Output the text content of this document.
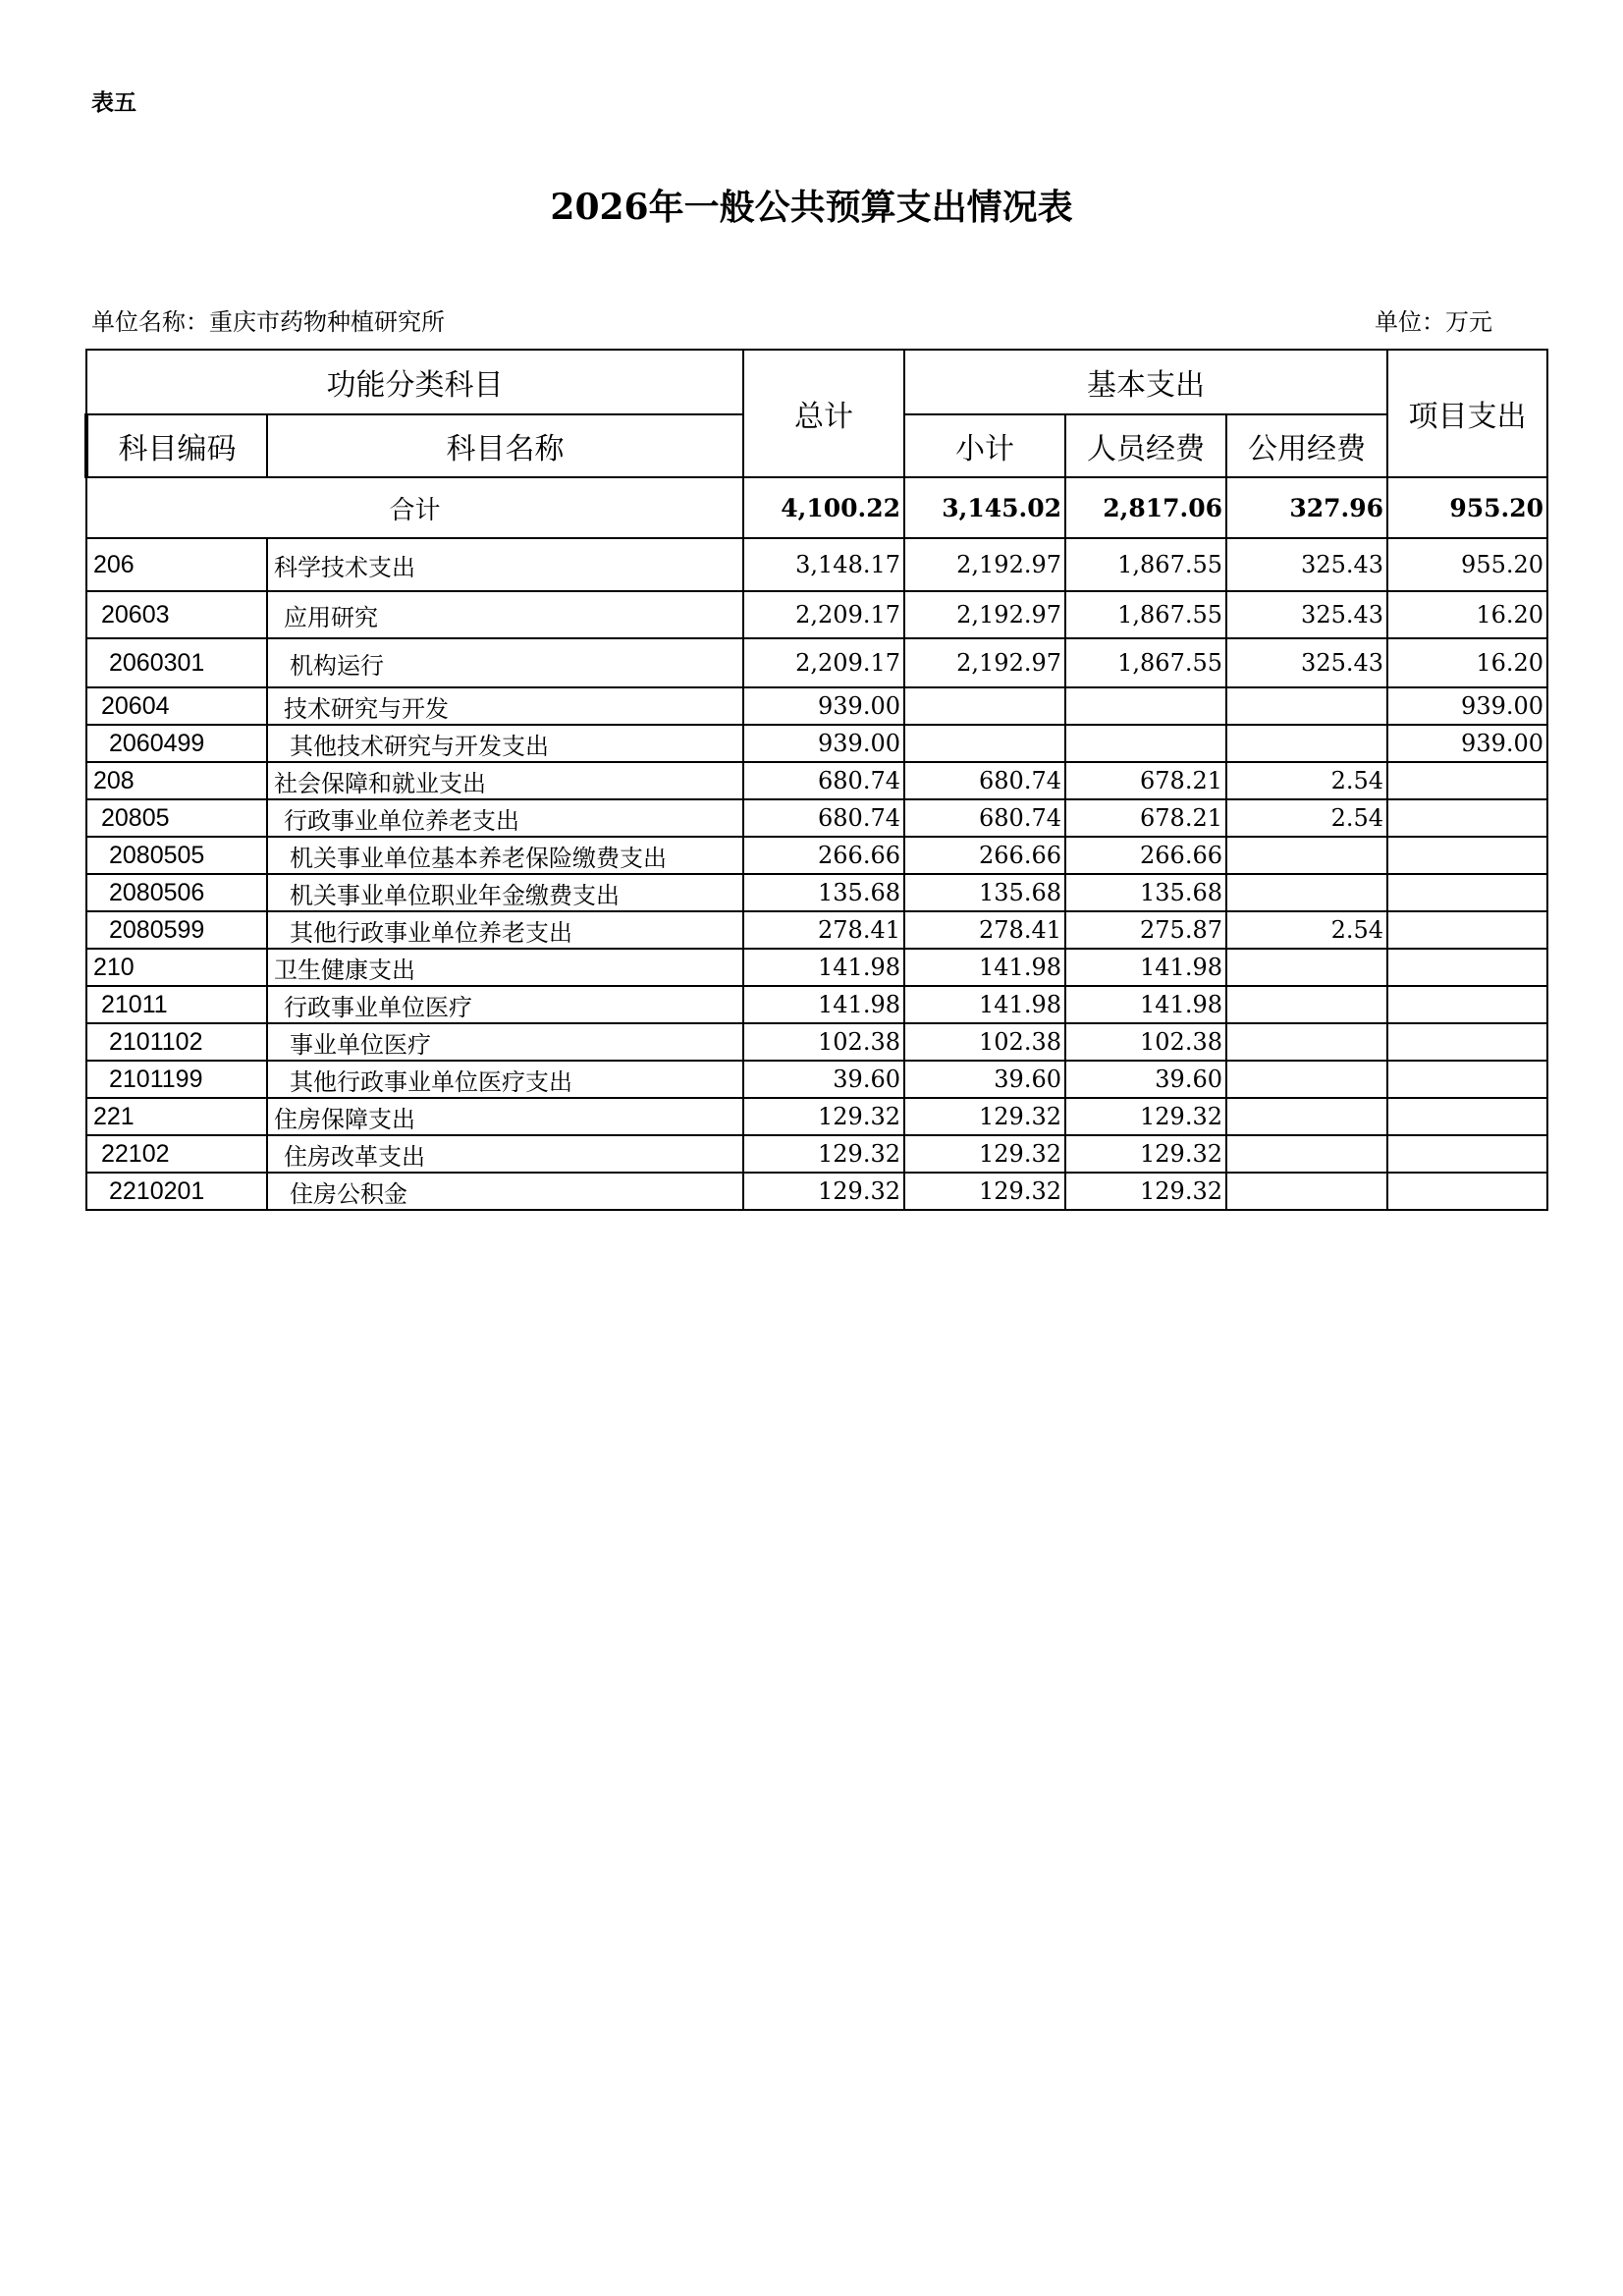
表五
2026年一般公共预算支出情况表
单位名称：重庆市药物种植研究所	单位：万元
功能分类科目		总计	基本支出			项目支出
科目编码	科目名称		小计	人员经费	公用经费	
合计		4,100.22	3,145.02	2,817.06	327.96	955.20
206	科学技术支出	3,148.17	2,192.97	1,867.55	325.43	955.20
20603	应用研究	2,209.17	2,192.97	1,867.55	325.43	16.20
2060301	机构运行	2,209.17	2,192.97	1,867.55	325.43	16.20
20604	技术研究与开发	939.00				939.00
2060499	其他技术研究与开发支出	939.00				939.00
208	社会保障和就业支出	680.74	680.74	678.21	2.54	
20805	行政事业单位养老支出	680.74	680.74	678.21	2.54	
2080505	机关事业单位基本养老保险缴费支出	266.66	266.66	266.66		
2080506	机关事业单位职业年金缴费支出	135.68	135.68	135.68		
2080599	其他行政事业单位养老支出	278.41	278.41	275.87	2.54	
210	卫生健康支出	141.98	141.98	141.98		
21011	行政事业单位医疗	141.98	141.98	141.98		
2101102	事业单位医疗	102.38	102.38	102.38		
2101199	其他行政事业单位医疗支出	39.60	39.60	39.60		
221	住房保障支出	129.32	129.32	129.32		
22102	住房改革支出	129.32	129.32	129.32		
2210201	住房公积金	129.32	129.32	129.32		
